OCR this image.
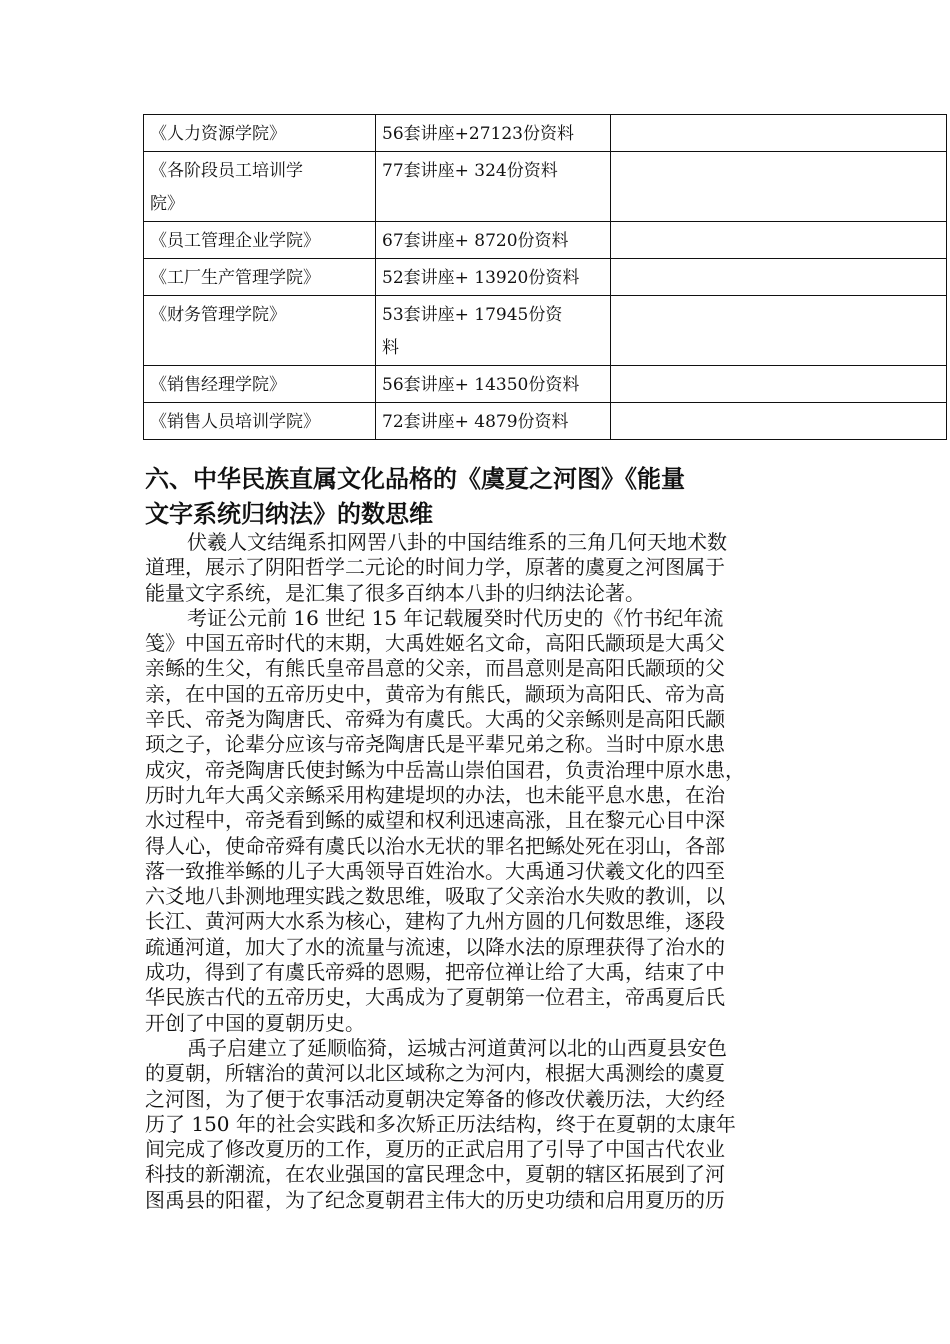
《人力资源学院》	56套讲座+27123份资料	

《各阶段员工培训学
院》	77套讲座+ 324份资料	

《员工管理企业学院》	67套讲座+ 8720份资料	

《工厂生产管理学院》	52套讲座+ 13920份资料	

《财务管理学院》	53套讲座+ 17945份资
料	

《销售经理学院》	56套讲座+ 14350份资料	

《销售人员培训学院》	72套讲座+ 4879份资料	

六、中华民族直属文化品格的《虞夏之河图》《能量
文字系统归纳法》的数思维

伏羲人文结绳系扣网罟八卦的中国结维系的三角几何天地术数
道理，展示了阴阳哲学二元论的时间力学，原著的虞夏之河图属于
能量文字系统，是汇集了很多百纳本八卦的归纳法论著。

考证公元前 16 世纪 15 年记载履癸时代历史的《竹书纪年流
笺》中国五帝时代的末期，大禹姓姬名文命，高阳氏颛顼是大禹父
亲鲧的生父，有熊氏皇帝昌意的父亲，而昌意则是高阳氏颛顼的父
亲，在中国的五帝历史中，黄帝为有熊氏，颛顼为高阳氏、帝为高
辛氏、帝尧为陶唐氏、帝舜为有虞氏。大禹的父亲鲧则是高阳氏颛
顼之子，论辈分应该与帝尧陶唐氏是平辈兄弟之称。当时中原水患
成灾，帝尧陶唐氏使封鲧为中岳嵩山崇伯国君，负责治理中原水患，
历时九年大禹父亲鲧采用构建堤坝的办法，也未能平息水患，在治
水过程中，帝尧看到鲧的威望和权利迅速高涨，且在黎元心目中深
得人心，使命帝舜有虞氏以治水无状的罪名把鲧处死在羽山，各部
落一致推举鲧的儿子大禹领导百姓治水。大禹通习伏羲文化的四至
六爻地八卦测地理实践之数思维，吸取了父亲治水失败的教训，以
长江、黄河两大水系为核心，建构了九州方圆的几何数思维，逐段
疏通河道，加大了水的流量与流速，以降水法的原理获得了治水的
成功，得到了有虞氏帝舜的恩赐，把帝位禅让给了大禹，结束了中
华民族古代的五帝历史，大禹成为了夏朝第一位君主，帝禹夏后氏
开创了中国的夏朝历史。

禹子启建立了延顺临猗，运城古河道黄河以北的山西夏县安色
的夏朝，所辖治的黄河以北区域称之为河内，根据大禹测绘的虞夏
之河图，为了便于农事活动夏朝决定筹备的修改伏羲历法，大约经
历了 150 年的社会实践和多次矫正历法结构，终于在夏朝的太康年
间完成了修改夏历的工作，夏历的正武启用了引导了中国古代农业
科技的新潮流，在农业强国的富民理念中，夏朝的辖区拓展到了河
图禹县的阳翟，为了纪念夏朝君主伟大的历史功绩和启用夏历的历
